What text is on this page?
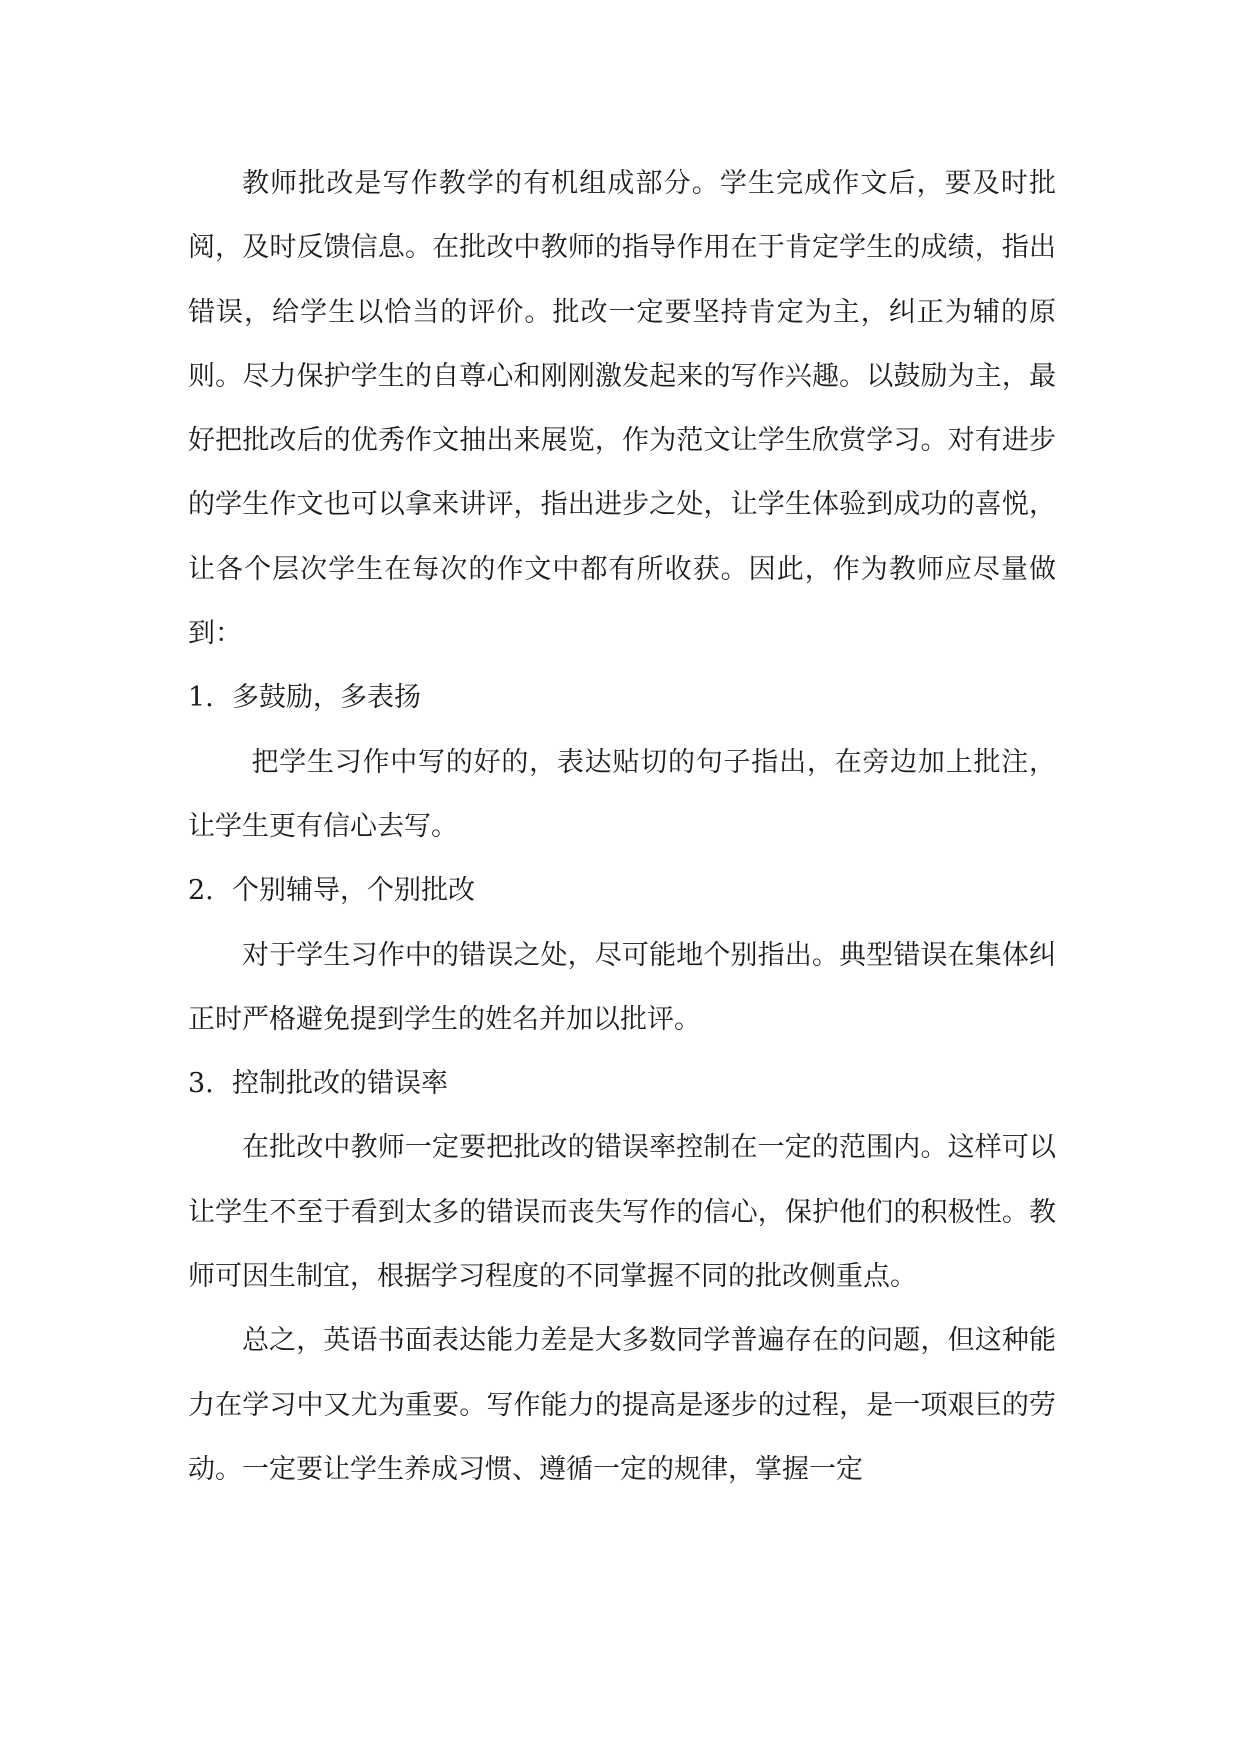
教师批改是写作教学的有机组成部分。学生完成作文后，要及时批阅，及时反馈信息。在批改中教师的指导作用在于肯定学生的成绩，指出错误，给学生以恰当的评价。批改一定要坚持肯定为主，纠正为辅的原则。尽力保护学生的自尊心和刚刚激发起来的写作兴趣。以鼓励为主，最好把批改后的优秀作文抽出来展览，作为范文让学生欣赏学习。对有进步的学生作文也可以拿来讲评，指出进步之处，让学生体验到成功的喜悦，让各个层次学生在每次的作文中都有所收获。因此，作为教师应尽量做到：

1. 多鼓励，多表扬

把学生习作中写的好的，表达贴切的句子指出，在旁边加上批注，让学生更有信心去写。

2. 个别辅导，个别批改

对于学生习作中的错误之处，尽可能地个别指出。典型错误在集体纠正时严格避免提到学生的姓名并加以批评。

3. 控制批改的错误率

在批改中教师一定要把批改的错误率控制在一定的范围内。这样可以让学生不至于看到太多的错误而丧失写作的信心，保护他们的积极性。教师可因生制宜，根据学习程度的不同掌握不同的批改侧重点。

总之，英语书面表达能力差是大多数同学普遍存在的问题，但这种能力在学习中又尤为重要。写作能力的提高是逐步的过程，是一项艰巨的劳动。一定要让学生养成习惯、遵循一定的规律，掌握一定
